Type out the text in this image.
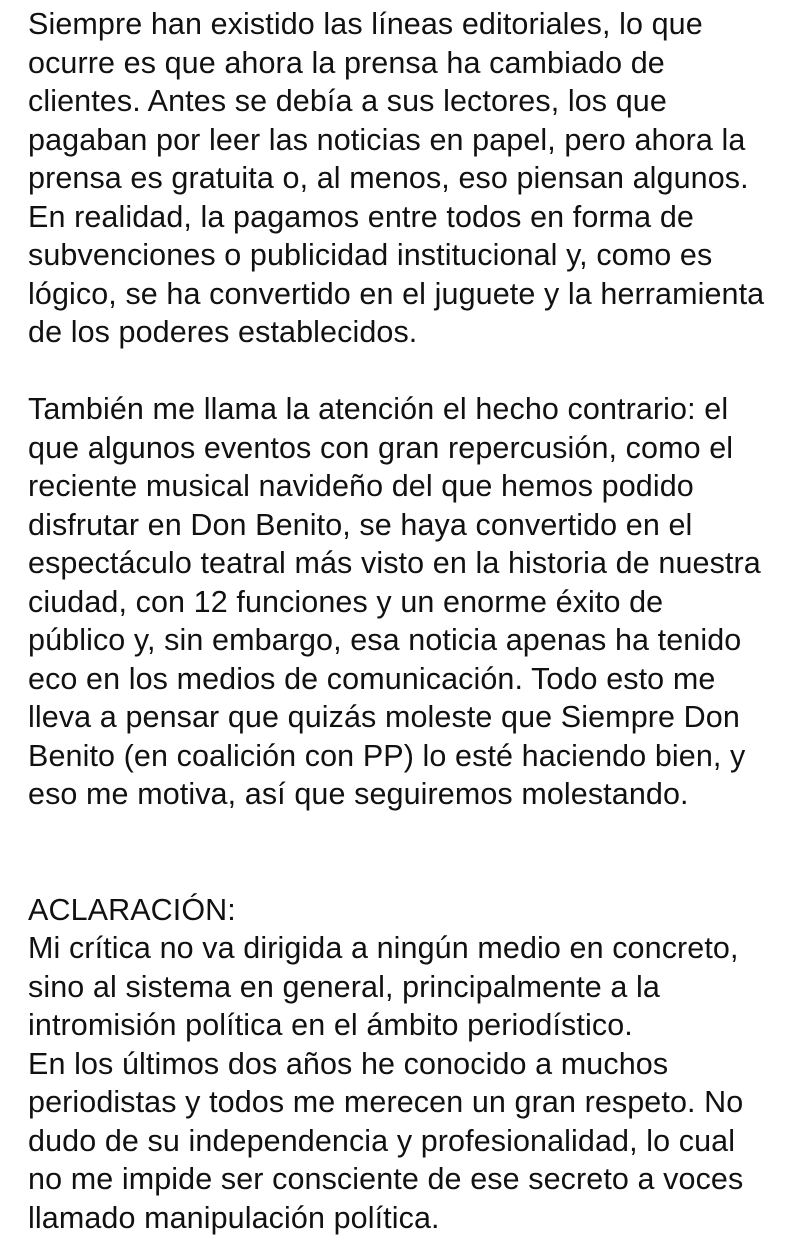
Siempre han existido las líneas editoriales, lo que
ocurre es que ahora la prensa ha cambiado de
clientes. Antes se debía a sus lectores, los que
pagaban por leer las noticias en papel, pero ahora la
prensa es gratuita o, al menos, eso piensan algunos.
En realidad, la pagamos entre todos en forma de
subvenciones o publicidad institucional y, como es
lógico, se ha convertido en el juguete y la herramienta
de los poderes establecidos.
También me llama la atención el hecho contrario: el
que algunos eventos con gran repercusión, como el
reciente musical navideño del que hemos podido
disfrutar en Don Benito, se haya convertido en el
espectáculo teatral más visto en la historia de nuestra
ciudad, con 12 funciones y un enorme éxito de
público y, sin embargo, esa noticia apenas ha tenido
eco en los medios de comunicación. Todo esto me
lleva a pensar que quizás moleste que Siempre Don
Benito (en coalición con PP) lo esté haciendo bien, y
eso me motiva, así que seguiremos molestando.
ACLARACIÓN:
Mi crítica no va dirigida a ningún medio en concreto,
sino al sistema en general, principalmente a la
intromisión política en el ámbito periodístico.
En los últimos dos años he conocido a muchos
periodistas y todos me merecen un gran respeto. No
dudo de su independencia y profesionalidad, lo cual
no me impide ser consciente de ese secreto a voces
llamado manipulación política.
